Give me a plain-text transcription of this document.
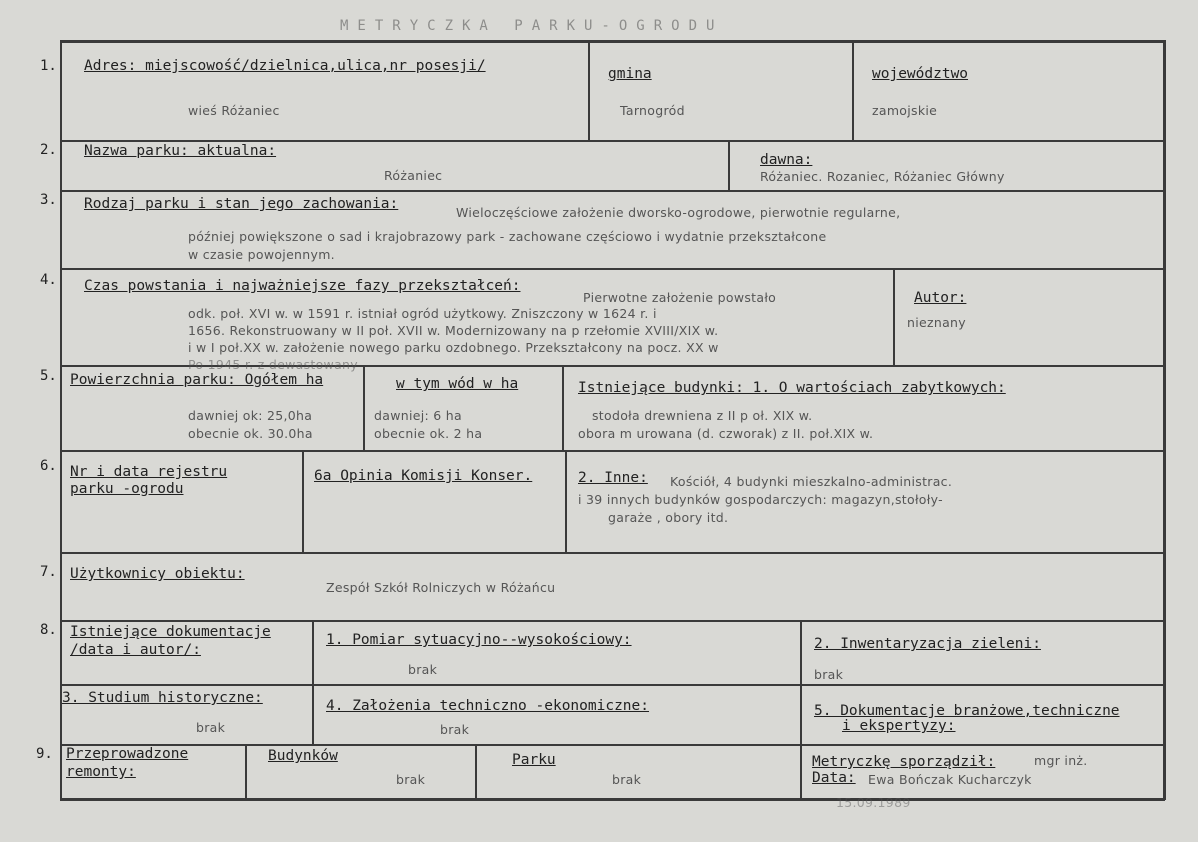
METRYCZKA PARKU-OGRODU
1. Adres: miejscowość/dzielnica,ulica,nr posesji/
wieś Różaniec
gmina
Tarnogród
województwo
zamojskie
2. Nazwa parku: aktualna:
Różaniec
dawna:
Różaniec. Rozaniec, Różaniec Główny
3. Rodzaj parku i stan jego zachowania:
Wieloczęściowe założenie dworsko-ogrodowe, pierwotnie regularne,
później powiększone o sad i krajobrazowy park - zachowane częściowo i wydatnie przekształcone
w czasie powojennym.
4. Czas powstania i najważniejsze fazy przekształceń:
Pierwotne założenie powstało
odk. poł. XVI w. w 1591 r. istniał ogród użytkowy. Zniszczony w 1624 r. i
1656. Rekonstruowany w II poł. XVII w. Modernizowany na p rzełomie XVIII/XIX w.
i w I poł.XX w. założenie nowego parku ozdobnego. Przekształcony na pocz. XX w
Po 1945 r. z dewastowany
Autor:
nieznany
5. Powierzchnia parku: Ogółem ha
dawniej ok: 25,0ha
obecnie ok. 30.0ha
w tym wód w ha
dawniej: 6 ha
obecnie ok. 2 ha
Istniejące budynki: 1. O wartościach zabytkowych:
stodoła drewniena z II p oł. XIX w.
obora m urowana (d. czworak) z II. poł.XIX w.
6. Nr i data rejestru
parku -ogrodu
6a Opinia Komisji Konser.	2. Inne: Kościół, 4 budynki mieszkalno-administrac.
i 39 innych budynków gospodarczych: magazyn,stołoły-
garaże , obory itd.
7. Użytkownicy obiektu:
Zespół Szkół Rolniczych w Różańcu
8. Istniejące dokumentacje
/data i autor/:
1. Pomiar sytuacyjno--wysokościowy:
brak
2. Inwentaryzacja zieleni:
brak
3. Studium historyczne:
brak
4. Założenia techniczno -ekonomiczne:
brak
5. Dokumentacje branżowe,techniczne
i ekspertyzy:
9. Przeprowadzone
remonty:
Budynków
brak
Parku
brak
Metryczkę sporządził:	mgr inż.
Data: Ewa Bończak Kucharczyk
15.09.1989
